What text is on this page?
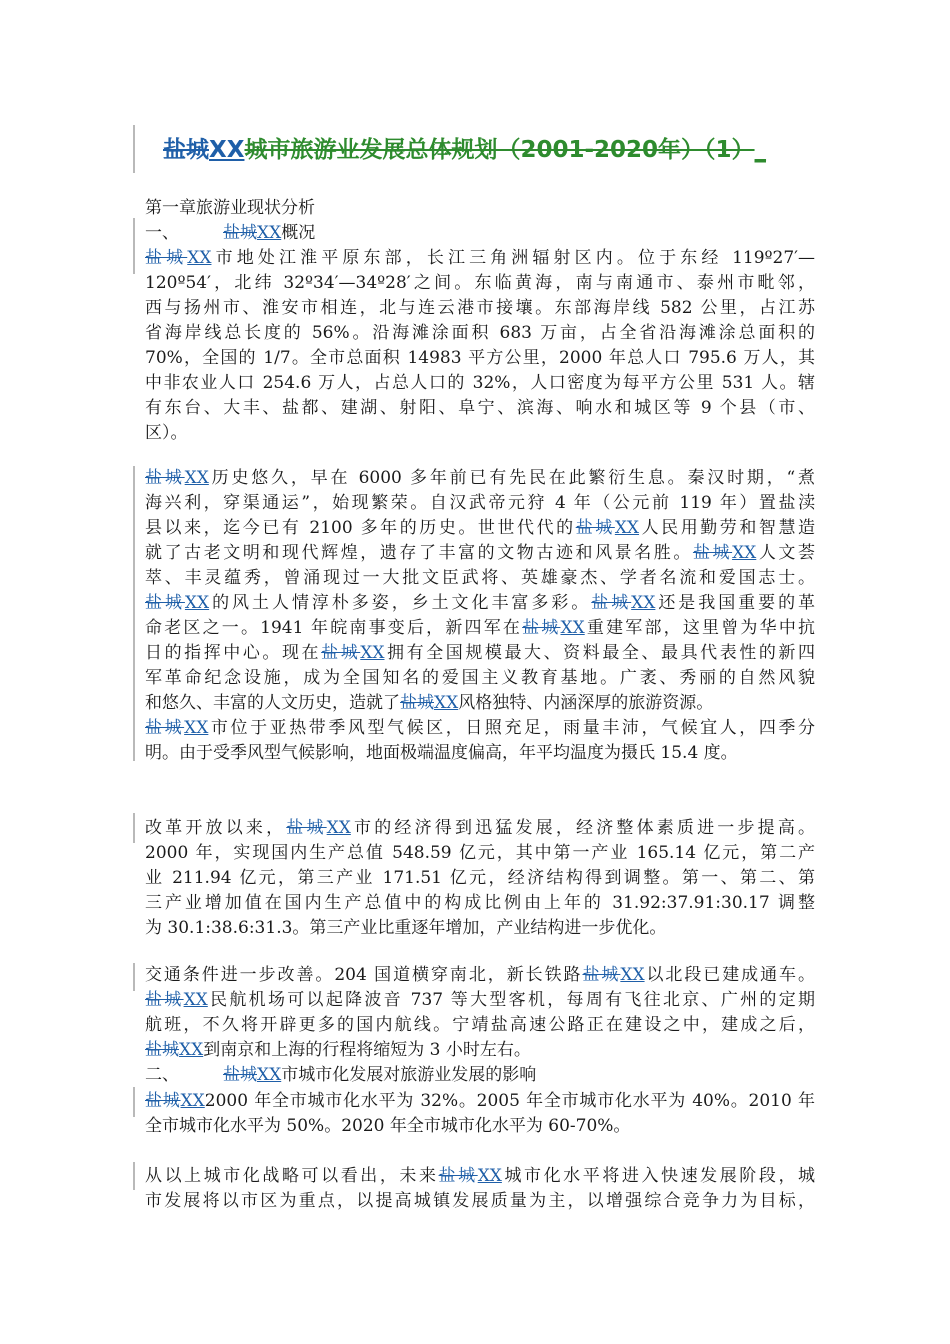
盐城XX城市旅游业发展总体规划（2001-2020年）（1）_
第一章旅游业现状分析
一、	盐城XX概况
盐城XX市地处江淮平原东部，长江三角洲辐射区内。位于东经 119º27′—
120º54′，北纬 32º34′—34º28′之间。东临黄海，南与南通市、泰州市毗邻，
西与扬州市、淮安市相连，北与连云港市接壤。东部海岸线 582 公里，占江苏
省海岸线总长度的 56%。沿海滩涂面积 683 万亩，占全省沿海滩涂总面积的
70%，全国的 1/7。全市总面积 14983 平方公里，2000 年总人口 795.6 万人，其
中非农业人口 254.6 万人，占总人口的 32%，人口密度为每平方公里 531 人。辖
有东台、大丰、盐都、建湖、射阳、阜宁、滨海、响水和城区等 9 个县（市、
区）。
盐城XX历史悠久，早在 6000 多年前已有先民在此繁衍生息。秦汉时期，“煮
海兴利，穿渠通运”，始现繁荣。自汉武帝元狩 4 年（公元前 119 年）置盐渎
县以来，迄今已有 2100 多年的历史。世世代代的盐城XX人民用勤劳和智慧造
就了古老文明和现代辉煌，遗存了丰富的文物古迹和风景名胜。盐城XX人文荟
萃、丰灵蕴秀，曾涌现过一大批文臣武将、英雄豪杰、学者名流和爱国志士。
盐城XX的风土人情淳朴多姿，乡土文化丰富多彩。盐城XX还是我国重要的革
命老区之一。1941 年皖南事变后，新四军在盐城XX重建军部，这里曾为华中抗
日的指挥中心。现在盐城XX拥有全国规模最大、资料最全、最具代表性的新四
军革命纪念设施，成为全国知名的爱国主义教育基地。广袤、秀丽的自然风貌
和悠久、丰富的人文历史，造就了盐城XX风格独特、内涵深厚的旅游资源。
盐城XX市位于亚热带季风型气候区，日照充足，雨量丰沛，气候宜人，四季分
明。由于受季风型气候影响，地面极端温度偏高，年平均温度为摄氏 15.4 度。
改革开放以来，盐城XX市的经济得到迅猛发展，经济整体素质进一步提高。
2000 年，实现国内生产总值 548.59 亿元，其中第一产业 165.14 亿元，第二产
业 211.94 亿元，第三产业 171.51 亿元，经济结构得到调整。第一、第二、第
三产业增加值在国内生产总值中的构成比例由上年的 31.92:37.91:30.17 调整
为 30.1:38.6:31.3。第三产业比重逐年增加，产业结构进一步优化。
交通条件进一步改善。204 国道横穿南北，新长铁路盐城XX以北段已建成通车。
盐城XX民航机场可以起降波音 737 等大型客机，每周有飞往北京、广州的定期
航班，不久将开辟更多的国内航线。宁靖盐高速公路正在建设之中，建成之后，
盐城XX到南京和上海的行程将缩短为 3 小时左右。
二、	盐城XX市城市化发展对旅游业发展的影响
盐城XX2000 年全市城市化水平为 32%。2005 年全市城市化水平为 40%。2010 年
全市城市化水平为 50%。2020 年全市城市化水平为 60-70%。
从以上城市化战略可以看出，未来盐城XX城市化水平将进入快速发展阶段，城
市发展将以市区为重点，以提高城镇发展质量为主，以增强综合竞争力为目标，
